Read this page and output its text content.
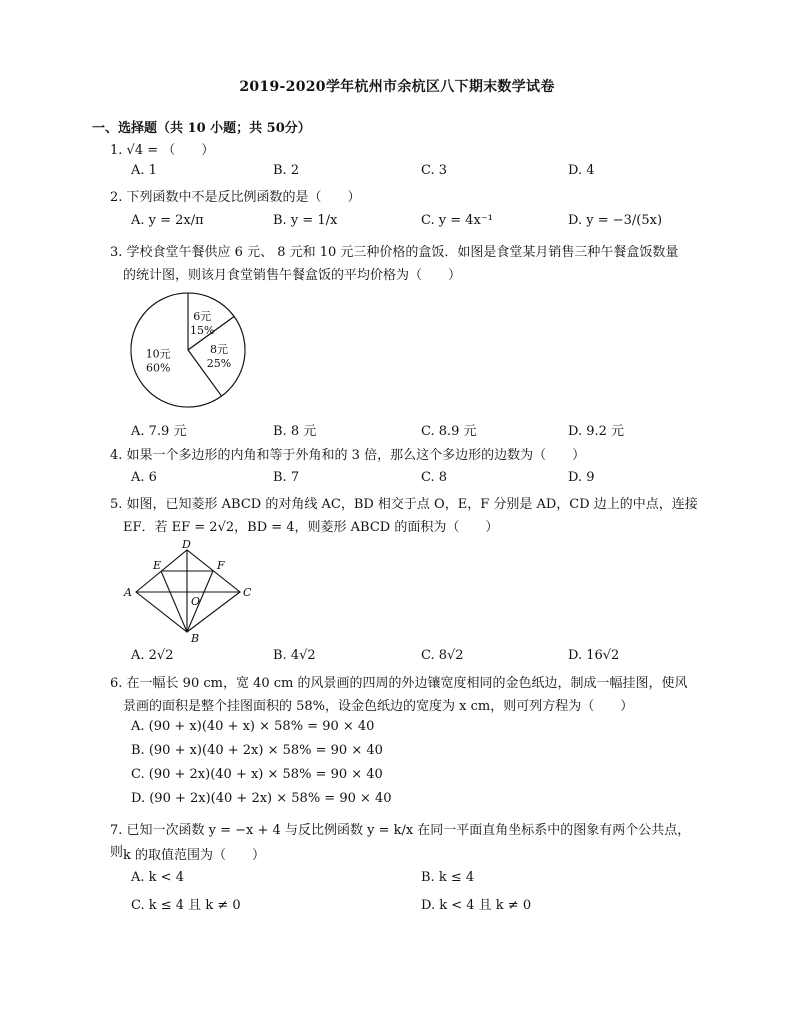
2019-2020学年杭州市余杭区八下期末数学试卷
一、选择题（共 10 小题；共 50分）
1. √4 = （　　）
A. 1	B. 2	C. 3	D. 4
2. 下列函数中不是反比例函数的是（　　）
A. y = 2x/π	B. y = 1/x	C. y = 4x⁻¹	D. y = −3/(5x)
3. 学校食堂午餐供应 6 元、 8 元和 10 元三种价格的盒饭．如图是食堂某月销售三种午餐盒饭数量
的统计图，则该月食堂销售午餐盒饭的平均价格为（　　）
6元
15%
8元
25%
10元
60%
A. 7.9 元	B. 8 元	C. 8.9 元	D. 9.2 元
4. 如果一个多边形的内角和等于外角和的 3 倍，那么这个多边形的边数为（　　）
A. 6	B. 7	C. 8	D. 9
5. 如图，已知菱形 ABCD 的对角线 AC，BD 相交于点 O，E，F 分别是 AD，CD 边上的中点，连接
EF．若 EF = 2√2，BD = 4，则菱形 ABCD 的面积为（　　）
A
B
C
D
E	F
O
A. 2√2	B. 4√2	C. 8√2	D. 16√2
6. 在一幅长 90 cm，宽 40 cm 的风景画的四周的外边镶宽度相同的金色纸边，制成一幅挂图，使风
景画的面积是整个挂图面积的 58%，设金色纸边的宽度为 x cm，则可列方程为（　　）
A. (90 + x)(40 + x) × 58% = 90 × 40
B. (90 + x)(40 + 2x) × 58% = 90 × 40
C. (90 + 2x)(40 + x) × 58% = 90 × 40
D. (90 + 2x)(40 + 2x) × 58% = 90 × 40
7. 已知一次函数 y = −x + 4 与反比例函数 y = k/x 在同一平面直角坐标系中的图象有两个公共点，则 k 的取值范围为（　　）
A. k < 4	B. k ≤ 4
C. k ≤ 4 且 k ≠ 0	D. k < 4 且 k ≠ 0
